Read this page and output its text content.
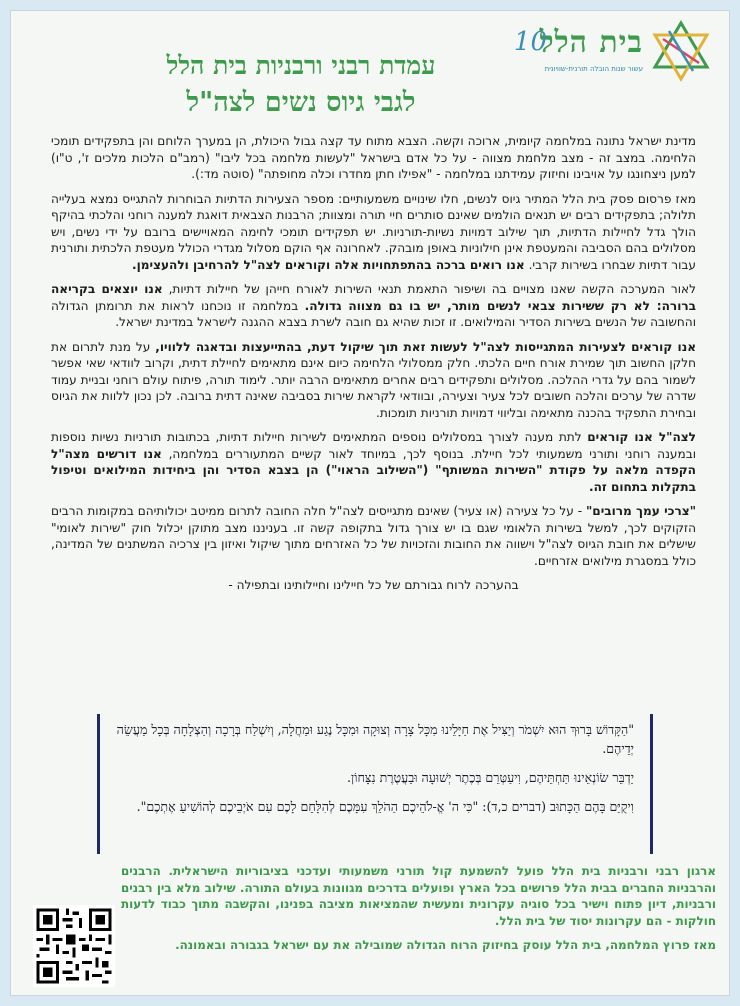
בית הלל
עשור שנות הובלה תורנית-שוויונית
10
עמדת רבני ורבניות בית הלל
לגבי גיוס נשים לצה"ל

מדינת ישראל נתונה במלחמה קיומית, ארוכה וקשה. הצבא מתוח עד קצה גבול היכולת, הן במערך הלוחם והן בתפקידים תומכי הלחימה. במצב זה - מצב מלחמת מצווה - על כל אדם בישראל "לעשות מלחמה בכל ליבו" (רמב"ם הלכות מלכים ז', ט"ו) למען ניצחונגו על אויבינו וחיזוק עמידתנו במלחמה - "אפילו חתן מחדרו וכלה מחופתה" (סוטה מד:).

מאז פרסום פסק בית הלל המתיר גיוס לנשים, חלו שינויים משמעותיים: מספר הצעירות הדתיות הבוחרות להתגייס נמצא בעלייה תלולה; בתפקידים רבים יש תנאים הולמים שאינם סותרים חיי תורה ומצוות; הרבנות הצבאית דואגת למענה רוחני והלכתי בהיקף הולך גדל לחיילות הדתיות, תוך שילוב דמויות נשיות-תורניות. יש תפקידים תומכי לחימה המאויישים ברובם על ידי נשים, ויש מסלולים בהם הסביבה והמעטפת אינן חילוניות באופן מובהק. לאחרונה אף הוקם מסלול מגדרי הכולל מעטפת הלכתית ותורנית עבור דתיות שבחרו בשירות קרבי. אנו רואים ברכה בהתפתחויות אלה וקוראים לצה"ל להרחיבן ולהעצימן.

לאור המערכה הקשה שאנו מצויים בה ושיפור התאמת תנאי השירות לאורח חייהן של חיילות דתיות, אנו יוצאים בקריאה ברורה: לא רק ששירות צבאי לנשים מותר, יש בו גם מצווה גדולה. במלחמה זו נוכחנו לראות את תרומתן הגדולה והחשובה של הנשים בשירות הסדיר והמילואים. זו זכות שהיא גם חובה לשרת בצבא ההגנה לישראל במדינת ישראל.

אנו קוראים לצעירות המתגייסות לצה"ל לעשות זאת תוך שיקול דעת, בהתייעצות ובדאגה ללוויו, על מנת לתרום את חלקן החשוב תוך שמירת אורח חיים הלכתי. חלק ממסלולי הלחימה כיום אינם מתאימים לחיילת דתית, וקרוב לוודאי שאי אפשר לשמור בהם על גדרי ההלכה. מסלולים ותפקידים רבים אחרים מתאימים הרבה יותר. לימוד תורה, פיתוח עולם רוחני ובניית עמוד שדרה של ערכים והלכה חשובים לכל צעיר וצעירה, ובוודאי לקראת שירות בסביבה שאינה דתית ברובה. לכן נכון ללוות את הגיוס ובחירת התפקיד בהכנה מתאימה ובליווי דמויות תורניות תומכות.

לצה"ל אנו קוראים לתת מענה לצורך במסלולים נוספים המתאימים לשירות חיילות דתיות, בכתובות תורניות נשיות נוספות ובמענה רוחני ותורני משמעותי לכל חיילת. בנוסף לכך, במיוחד לאור קשיים המתעוררים במלחמה, אנו דורשים מצה"ל הקפדה מלאה על פקודת "השירות המשותף" ("השילוב הראוי") הן בצבא הסדיר והן ביחידות המילואים וטיפול בתקלות בתחום זה.

"צרכי עמך מרובים" - על כל צעירה (או צעיר) שאינם מתגייסים לצה"ל חלה החובה לתרום ממיטב יכולותיהם במקומות הרבים הזקוקים לכך, למשל בשירות הלאומי שגם בו יש צורך גדול בתקופה קשה זו. בעניננו מצב מתוקן יכלול חוק "שירות לאומי" שישלים את חובת הגיוס לצה"ל וישווה את החובות והזכויות של כל האזרחים מתוך שיקול ואיזון בין צרכיה המשתנים של המדינה, כולל במסגרת מילואים אזרחיים.

בהערכה לרוח גבורתם של כל חיילינו וחיילותינו ובתפילה -

"הַקָּדוֹשׁ בָּרוּךְ הוּא יִשְׁמֹר וְיַצִּיל אֶת חַיָּלֵינוּ מִכָּל צָרָה וְצוּקָה וּמִכָּל נֶגַע וּמַחֲלָה, וְיִשְׁלַח בְּרָכָה וְהַצְלָחָה בְּכָל מַעֲשֵׂה יְדֵיהֶם.

יַדְבֵּר שׂוֹנְאֵינוּ תַּחְתֵּיהֶם, וִיעַטְּרֵם בְּכֶתֶר יְשׁוּעָה וּבַעֲטֶרֶת נִצָּחוֹן.

וִיקֻיַּם בָּהֶם הַכָּתוּב (דברים כ,ד): "כִּי ה' אֱ-לֹהֵיכֶם הַהֹלֵךְ עִמָּכֶם לְהִלָּחֵם לָכֶם עִם אֹיְבֵיכֶם לְהוֹשִׁיעַ אֶתְכֶם".

ארגון רבני ורבניות בית הלל פועל להשמעת קול תורני משמעותי ועדכני בציבוריות הישראלית. הרבנים והרבניות החברים בבית הלל פרושים בכל הארץ ופועלים בדרכים מגוונות בעולם התורה. שילוב מלא בין רבנים ורבניות, דיון פתוח וישיר בכל סוגיה עקרונית ומעשית שהמציאות מציבה בפנינו, והקשבה מתוך כבוד לדעות חולקות - הם עקרונות יסוד של בית הלל.

מאז פרוץ המלחמה, בית הלל עוסק בחיזוק הרוח הגדולה שמובילה את עם ישראל בגבורה ובאמונה.
